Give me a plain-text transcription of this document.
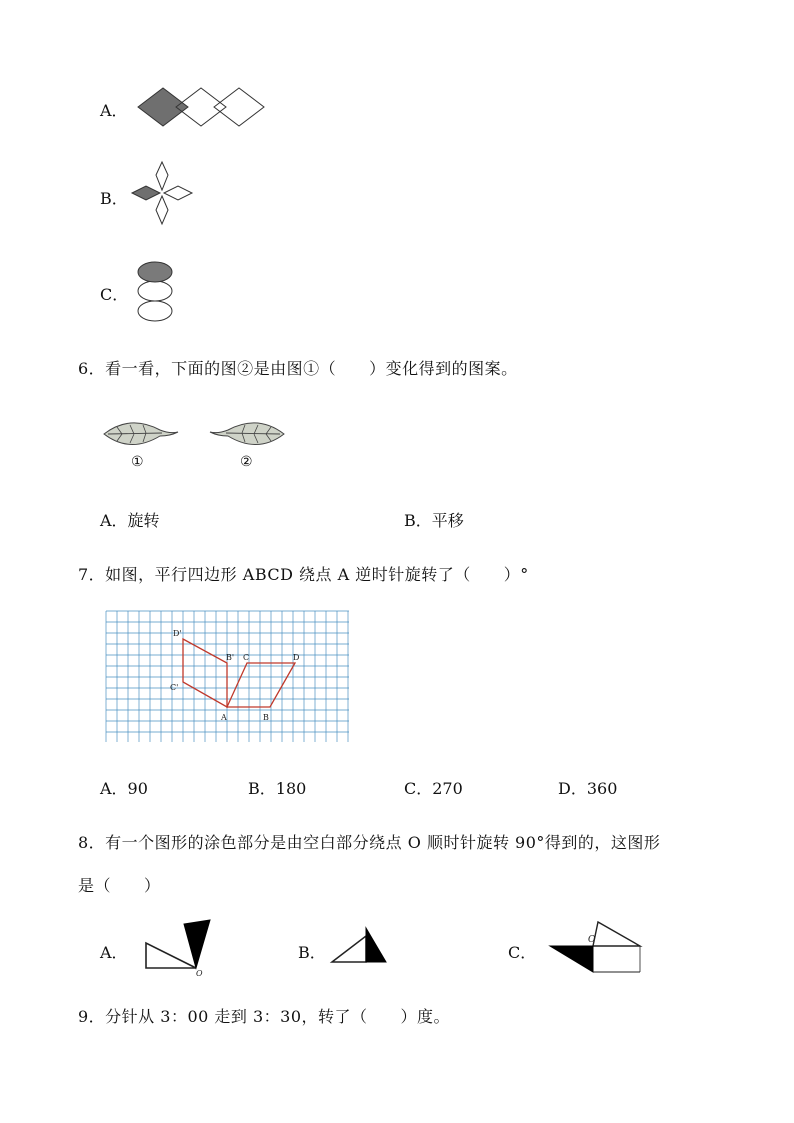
A．
B．
C．
6．看一看，下面的图②是由图①（　　）变化得到的图案。
①	②
A．旋转	B．平移
7．如图，平行四边形 ABCD 绕点 A 逆时针旋转了（　　）°
A	B
C	D
B'
C'
D'
A．90	B．180	C．270	D．360
8．有一个图形的涂色部分是由空白部分绕点 O 顺时针旋转 90°得到的，这图形
是（　　）
A．
O
B．	C．
O
9．分针从 3：00 走到 3：30，转了（　　）度。
